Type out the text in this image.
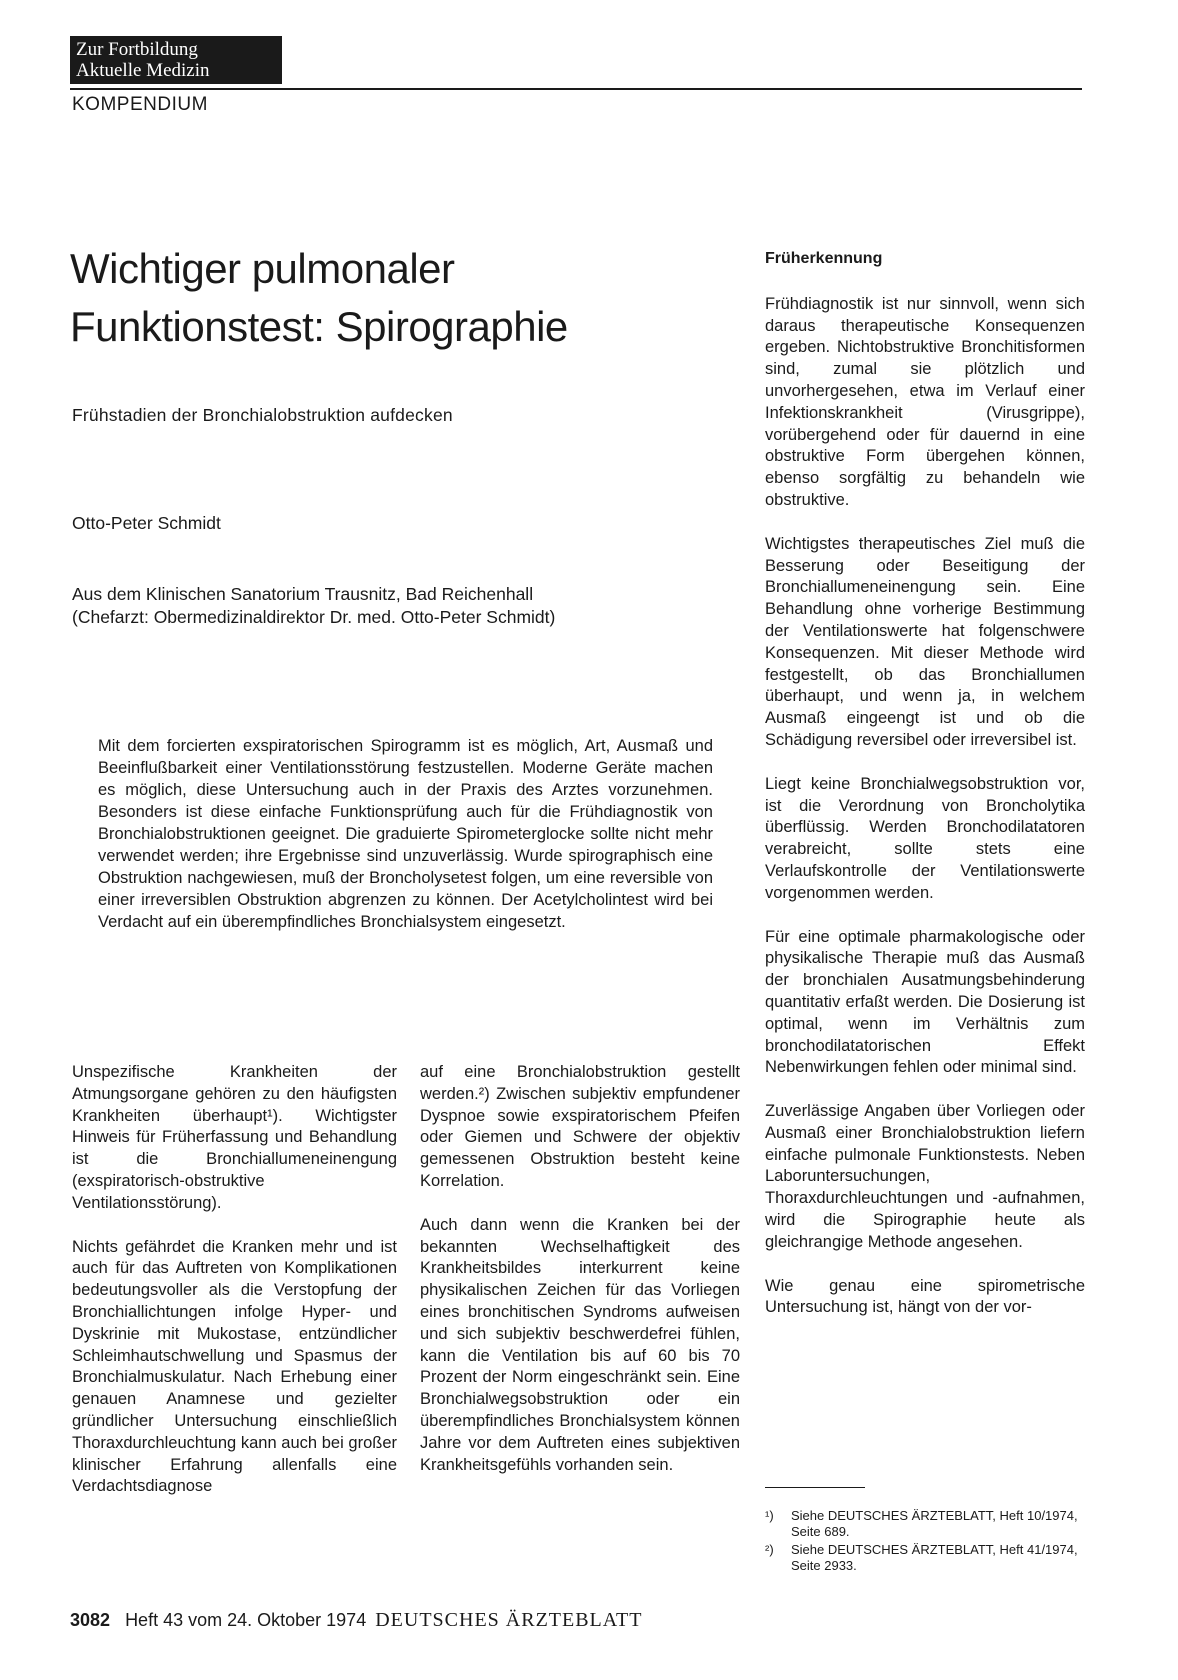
Zur Fortbildung
Aktuelle Medizin
KOMPENDIUM
Wichtiger pulmonaler Funktionstest: Spirographie
Frühstadien der Bronchialobstruktion aufdecken
Otto-Peter Schmidt
Aus dem Klinischen Sanatorium Trausnitz, Bad Reichenhall
(Chefarzt: Obermedizinaldirektor Dr. med. Otto-Peter Schmidt)
Mit dem forcierten exspiratorischen Spirogramm ist es möglich, Art, Ausmaß und Beeinflußbarkeit einer Ventilationsstörung festzustellen. Moderne Geräte machen es möglich, diese Untersuchung auch in der Praxis des Arztes vorzunehmen. Besonders ist diese einfache Funktionsprüfung auch für die Frühdiagnostik von Bronchialobstruktionen geeignet. Die graduierte Spirometerglocke sollte nicht mehr verwendet werden; ihre Ergebnisse sind unzuverlässig. Wurde spirographisch eine Obstruktion nachgewiesen, muß der Broncholysetest folgen, um eine reversible von einer irreversiblen Obstruktion abgrenzen zu können. Der Acetylcholintest wird bei Verdacht auf ein überempfindliches Bronchialsystem eingesetzt.

Unspezifische Krankheiten der Atmungsorgane gehören zu den häufigsten Krankheiten überhaupt¹). Wichtigster Hinweis für Früherfassung und Behandlung ist die Bronchiallumeneinengung (exspiratorisch-obstruktive Ventilationsstörung).

Nichts gefährdet die Kranken mehr und ist auch für das Auftreten von Komplikationen bedeutungsvoller als die Verstopfung der Bronchiallichtungen infolge Hyper- und Dyskrinie mit Mukostase, entzündlicher Schleimhautschwellung und Spasmus der Bronchialmuskulatur. Nach Erhebung einer genauen Anamnese und gezielter gründlicher Untersuchung einschließlich Thoraxdurchleuchtung kann auch bei großer klinischer Erfahrung allenfalls eine Verdachtsdiagnose

auf eine Bronchialobstruktion gestellt werden.²) Zwischen subjektiv empfundener Dyspnoe sowie exspiratorischem Pfeifen oder Giemen und Schwere der objektiv gemessenen Obstruktion besteht keine Korrelation.

Auch dann wenn die Kranken bei der bekannten Wechselhaftigkeit des Krankheitsbildes interkurrent keine physikalischen Zeichen für das Vorliegen eines bronchitischen Syndroms aufweisen und sich subjektiv beschwerdefrei fühlen, kann die Ventilation bis auf 60 bis 70 Prozent der Norm eingeschränkt sein. Eine Bronchialwegsobstruktion oder ein überempfindliches Bronchialsystem können Jahre vor dem Auftreten eines subjektiven Krankheitsgefühls vorhanden sein.

Früherkennung

Frühdiagnostik ist nur sinnvoll, wenn sich daraus therapeutische Konsequenzen ergeben. Nichtobstruktive Bronchitisformen sind, zumal sie plötzlich und unvorhergesehen, etwa im Verlauf einer Infektionskrankheit (Virusgrippe), vorübergehend oder für dauernd in eine obstruktive Form übergehen können, ebenso sorgfältig zu behandeln wie obstruktive.

Wichtigstes therapeutisches Ziel muß die Besserung oder Beseitigung der Bronchiallumeneinengung sein. Eine Behandlung ohne vorherige Bestimmung der Ventilationswerte hat folgenschwere Konsequenzen. Mit dieser Methode wird festgestellt, ob das Bronchiallumen überhaupt, und wenn ja, in welchem Ausmaß eingeengt ist und ob die Schädigung reversibel oder irreversibel ist.

Liegt keine Bronchialwegsobstruktion vor, ist die Verordnung von Broncholytika überflüssig. Werden Bronchodilatatoren verabreicht, sollte stets eine Verlaufskontrolle der Ventilationswerte vorgenommen werden.

Für eine optimale pharmakologische oder physikalische Therapie muß das Ausmaß der bronchialen Ausatmungsbehinderung quantitativ erfaßt werden. Die Dosierung ist optimal, wenn im Verhältnis zum bronchodilatatorischen Effekt Nebenwirkungen fehlen oder minimal sind.

Zuverlässige Angaben über Vorliegen oder Ausmaß einer Bronchialobstruktion liefern einfache pulmonale Funktionstests. Neben Laboruntersuchungen, Thoraxdurchleuchtungen und -aufnahmen, wird die Spirographie heute als gleichrangige Methode angesehen.

Wie genau eine spirometrische Untersuchung ist, hängt von der vor-

¹)	Siehe DEUTSCHES ÄRZTEBLATT, Heft 10/1974, Seite 689.
²)	Siehe DEUTSCHES ÄRZTEBLATT, Heft 41/1974, Seite 2933.
3082 Heft 43 vom 24. Oktober 1974 DEUTSCHES ÄRZTEBLATT
